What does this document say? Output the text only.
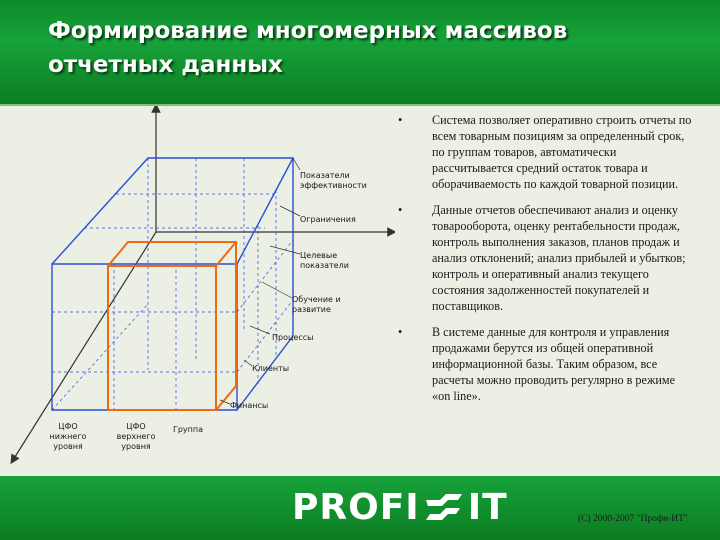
Формирование многомерных массивов
отчетных данных
Показатели эффективности
Ограничения
Целевые показатели
Обучение и развитие
Процессы
Клиенты
Финансы
ЦФО нижнего уровня
ЦФО верхнего уровня
Группа
• Система позволяет оперативно строить отчеты по всем товарным позициям за определенный срок, по группам товаров, автоматически рассчитывается средний остаток товара и оборачиваемость по каждой товарной позиции.
• Данные отчетов обеспечивают анализ и оценку товарооборота, оценку рентабельности продаж, контроль выполнения заказов, планов продаж и анализ отклонений; анализ прибылей и убытков; контроль и оперативный анализ текущего состояния задолженностей покупателей и поставщиков.
• В системе данные для контроля и управления продажами берутся из общей оперативной информационной базы. Таким образом, все расчеты можно проводить регулярно в режиме «on line».
PROFI IT	(C) 2000-2007 "Профи-ИТ"
